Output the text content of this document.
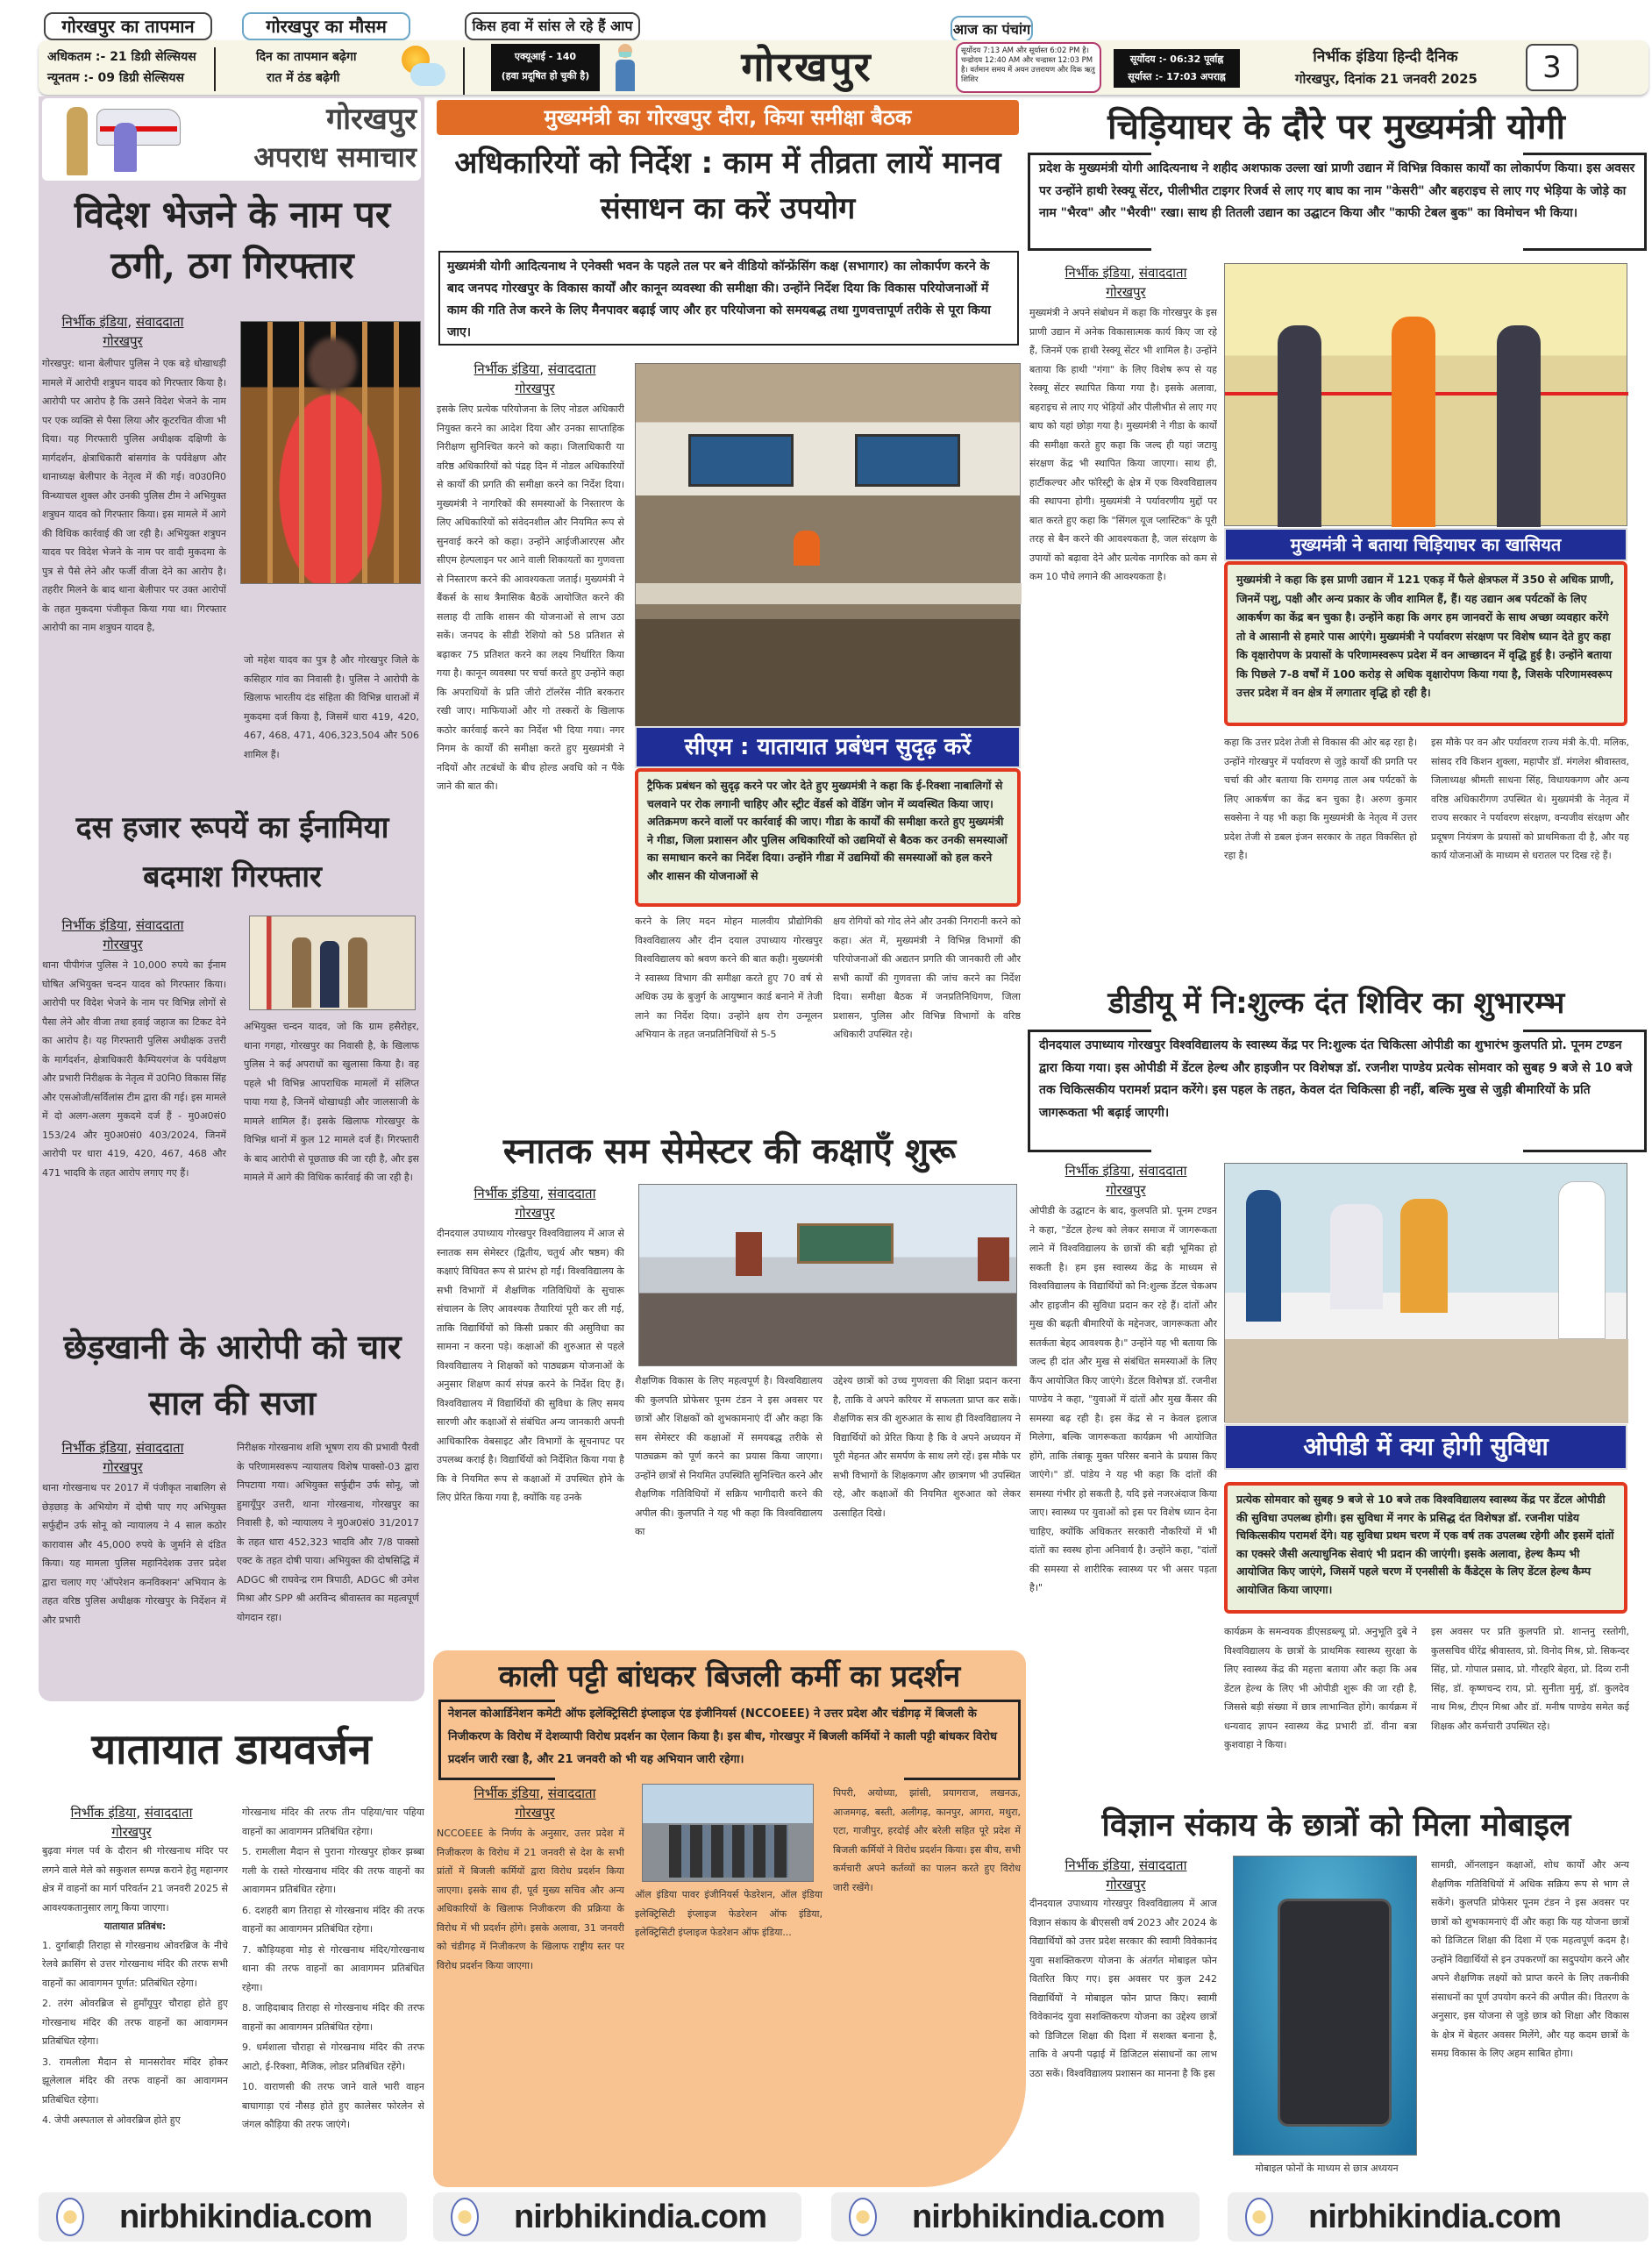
गोरखपुर का तापमान	गोरखपुर का मौसम	किस हवा में सांस ले रहे हैं आप	आज का पंचांग
अधिकतम :- 21 डिग्री सेल्सियस
न्यूनतम :- 09 डिग्री सेल्सियस
दिन का तापमान बढ़ेगा
रात में ठंड बढ़ेगी
एक्यूआई - 140
(हवा प्रदूषित हो चुकी है)	गोरखपुर	सूर्योदय 7:13 AM और सूर्यास्त 6:02 PM है। चन्द्रोदय 12:40 AM और चन्द्रास्त 12:03 PM है। वर्तमान समय में अयन उत्तरायण और दिक ऋतु शिशिर
सूर्योदय :- 06:32 पूर्वाह्न
सूर्यास्त :- 17:03 अपराह्न
निर्भीक इंडिया हिन्दी दैनिक
गोरखपुर, दिनांक 21 जनवरी 2025	3
गोरखपुर
अपराध समाचार
विदेश भेजने के नाम पर ठगी, ठग गिरफ्तार
निर्भीक इंडिया, संवाददाता
गोरखपुर
गोरखपुर: थाना बेलीपार पुलिस ने एक बड़े धोखाधड़ी मामले में आरोपी शत्रुघन यादव को गिरफ्तार किया है। आरोपी पर आरोप है कि उसने विदेश भेजने के नाम पर एक व्यक्ति से पैसा लिया और कूटरचित वीजा भी दिया। यह गिरफ्तारी पुलिस अधीक्षक दक्षिणी के मार्गदर्शन, क्षेत्राधिकारी बांसगांव के पर्यवेक्षण और थानाध्यक्ष बेलीपार के नेतृत्व में की गई। व0उ0नि0 विन्ध्याचल शुक्ल और उनकी पुलिस टीम ने अभियुक्त शत्रुघन यादव को गिरफ्तार किया। इस मामले में आगे की विधिक कार्रवाई की जा रही है। अभियुक्त शत्रुघन यादव पर विदेश भेजने के नाम पर वादी मुकदमा के पुत्र से पैसे लेने और फर्जी वीजा देने का आरोप है। तहरीर मिलने के बाद थाना बेलीपार पर उक्त आरोपों के तहत मुकदमा पंजीकृत किया गया था। गिरफ्तार आरोपी का नाम शत्रुघन यादव है,
जो महेश यादव का पुत्र है और गोरखपुर जिले के कसिहार गांव का निवासी है। पुलिस ने आरोपी के खिलाफ भारतीय दंड संहिता की विभिन्न धाराओं में मुकदमा दर्ज किया है, जिसमें धारा 419, 420, 467, 468, 471, 406,323,504 और 506 शामिल हैं।
दस हजार रूपयें का ईनामिया बदमाश गिरफ्तार
निर्भीक इंडिया, संवाददाता
गोरखपुर
थाना पीपीगंज पुलिस ने 10,000 रुपये का ईनाम घोषित अभियुक्त चन्दन यादव को गिरफ्तार किया। आरोपी पर विदेश भेजने के नाम पर विभिन्न लोगों से पैसा लेने और वीजा तथा हवाई जहाज का टिकट देने का आरोप है। यह गिरफ्तारी पुलिस अधीक्षक उत्तरी के मार्गदर्शन, क्षेत्राधिकारी कैम्पियरगंज के पर्यवेक्षण और प्रभारी निरीक्षक के नेतृत्व में उ0नि0 विकास सिंह और एसओजी/सर्विलांस टीम द्वारा की गई। इस मामले में दो अलग-अलग मुकदमे दर्ज हैं - मु0अ0सं0 153/24 और मु0अ0सं0 403/2024, जिनमें आरोपी पर धारा 419, 420, 467, 468 और 471 भादवि के तहत आरोप लगाए गए हैं।
अभियुक्त चन्दन यादव, जो कि ग्राम हसैरोहर, थाना गगहा, गोरखपुर का निवासी है, के खिलाफ पुलिस ने कई अपराधों का खुलासा किया है। वह पहले भी विभिन्न आपराधिक मामलों में संलिप्त पाया गया है, जिनमें धोखाधड़ी और जालसाजी के मामले शामिल हैं। इसके खिलाफ गोरखपुर के विभिन्न थानों में कुल 12 मामले दर्ज हैं। गिरफ्तारी के बाद आरोपी से पूछताछ की जा रही है, और इस मामले में आगे की विधिक कार्रवाई की जा रही है।
छेड़खानी के आरोपी को चार साल की सजा
निर्भीक इंडिया, संवाददाता
गोरखपुर
थाना गोरखनाथ पर 2017 में पंजीकृत नाबालिग से छेड़छाड़ के अभियोग में दोषी पाए गए अभियुक्त सर्फुद्दीन उर्फ सोनू को न्यायालय ने 4 साल कठोर कारावास और 45,000 रुपये के जुर्माने से दंडित किया। यह मामला पुलिस महानिदेशक उत्तर प्रदेश द्वारा चलाए गए 'ऑपरेशन कनविक्शन' अभियान के तहत वरिष्ठ पुलिस अधीक्षक गोरखपुर के निर्देशन में और प्रभारी
निरीक्षक गोरखनाथ शशि भूषण राय की प्रभावी पैरवी के परिणामस्वरूप न्यायालय विशेष पाक्सो-03 द्वारा निपटाया गया। अभियुक्त सर्फुद्दीन उर्फ सोनू, जो हुमायूँपुर उत्तरी, थाना गोरखनाथ, गोरखपुर का निवासी है, को न्यायालय ने मु0अ0सं0 31/2017 के तहत धारा 452,323 भादवि और 7/8 पाक्सो एक्ट के तहत दोषी पाया। अभियुक्त की दोषसिद्धि में ADGC श्री राघवेन्द्र राम त्रिपाठी, ADGC श्री उमेश मिश्रा और SPP श्री अरविन्द श्रीवास्तव का महत्वपूर्ण योगदान रहा।
यातायात डायवर्जन
निर्भीक इंडिया, संवाददाता
गोरखपुर
बुढ़वा मंगल पर्व के दौरान श्री गोरखनाथ मंदिर पर लगने वाले मेले को सकुशल सम्पन्न कराने हेतु महानगर क्षेत्र में वाहनों का मार्ग परिवर्तन 21 जनवरी 2025 से आवश्यकतानुसार लागू किया जाएगा।
यातायात प्रतिबंध:
1. दुर्गाबाड़ी तिराहा से गोरखनाथ ओवरब्रिज के नीचे रेलवे क्रासिंग से उत्तर गोरखनाथ मंदिर की तरफ सभी वाहनों का आवागमन पूर्णत: प्रतिबंधित रहेगा।
2. तरंग ओवरब्रिज से हुमाँयूपुर चौराहा होते हुए गोरखनाथ मंदिर की तरफ वाहनों का आवागमन प्रतिबंधित रहेगा।
3. रामलीला मैदान से मानसरोवर मंदिर होकर झूलेलाल मंदिर की तरफ वाहनों का आवागमन प्रतिबंधित रहेगा।
4. जेपी अस्पताल से ओवरब्रिज होते हुए
गोरखनाथ मंदिर की तरफ तीन पहिया/चार पहिया वाहनों का आवागमन प्रतिबंधित रहेगा।
5. रामलीला मैदान से पुराना गोरखपुर होकर झब्बा गली के रास्ते गोरखनाथ मंदिर की तरफ वाहनों का आवागमन प्रतिबंधित रहेगा।
6. दशहरी बाग तिराहा से गोरखनाथ मंदिर की तरफ वाहनों का आवागमन प्रतिबंधित रहेगा।
7. कौड़ियहवा मोड़ से गोरखनाथ मंदिर/गोरखनाथ थाना की तरफ वाहनों का आवागमन प्रतिबंधित रहेगा।
8. जाहिदाबाद तिराहा से गोरखनाथ मंदिर की तरफ वाहनों का आवागमन प्रतिबंधित रहेगा।
9. धर्मशाला चौराहा से गोरखनाथ मंदिर की तरफ आटो, ई-रिक्शा, मैजिक, लोडर प्रतिबंधित रहेंगे।
10. वाराणसी की तरफ जाने वाले भारी वाहन बाघागाड़ा एवं नौसड़ होते हुए कालेसर फोरलेन से जंगल कौड़िया की तरफ जाएंगे।
मुख्यमंत्री का गोरखपुर दौरा, किया समीक्षा बैठक
अधिकारियों को निर्देश : काम में तीव्रता लायें मानव संसाधन का करें उपयोग
मुख्यमंत्री योगी आदित्यनाथ ने एनेक्सी भवन के पहले तल पर बने वीडियो कॉन्फ्रेंसिंग कक्ष (सभागार) का लोकार्पण करने के बाद जनपद गोरखपुर के विकास कार्यों और कानून व्यवस्था की समीक्षा की। उन्होंने निर्देश दिया कि विकास परियोजनाओं में काम की गति तेज करने के लिए मैनपावर बढ़ाई जाए और हर परियोजना को समयबद्ध तथा गुणवत्तापूर्ण तरीके से पूरा किया जाए।
निर्भीक इंडिया, संवाददाता
गोरखपुर
इसके लिए प्रत्येक परियोजना के लिए नोडल अधिकारी नियुक्त करने का आदेश दिया और उनका साप्ताहिक निरीक्षण सुनिश्चित करने को कहा। जिलाधिकारी या वरिष्ठ अधिकारियों को पंद्रह दिन में नोडल अधिकारियों से कार्यों की प्रगति की समीक्षा करने का निर्देश दिया। मुख्यमंत्री ने नागरिकों की समस्याओं के निस्तारण के लिए अधिकारियों को संवेदनशील और नियमित रूप से सुनवाई करने को कहा। उन्होंने आईजीआरएस और सीएम हेल्पलाइन पर आने वाली शिकायतों का गुणवत्ता से निस्तारण करने की आवश्यकता जताई। मुख्यमंत्री ने बैंकर्स के साथ त्रैमासिक बैठकें आयोजित करने की सलाह दी ताकि शासन की योजनाओं से लाभ उठा सकें। जनपद के सीडी रेशियो को 58 प्रतिशत से बढ़ाकर 75 प्रतिशत करने का लक्ष्य निर्धारित किया गया है। कानून व्यवस्था पर चर्चा करते हुए उन्होंने कहा कि अपराधियों के प्रति जीरो टॉलरेंस नीति बरकरार रखी जाए। माफियाओं और गो तस्करों के खिलाफ कठोर कार्रवाई करने का निर्देश भी दिया गया। नगर निगम के कार्यों की समीक्षा करते हुए मुख्यमंत्री ने नदियों और तटबंधों के बीच होल्ड अवधि को न पैंके जाने की बात की।
सीएम : यातायात प्रबंधन सुदृढ़ करें
ट्रैफिक प्रबंधन को सुदृढ़ करने पर जोर देते हुए मुख्यमंत्री ने कहा कि ई-रिक्शा नाबालिगों से चलवाने पर रोक लगानी चाहिए और स्ट्रीट वेंडर्स को वेंडिंग जोन में व्यवस्थित किया जाए। अतिक्रमण करने वालों पर कार्रवाई की जाए। गीडा के कार्यों की समीक्षा करते हुए मुख्यमंत्री ने गीडा, जिला प्रशासन और पुलिस अधिकारियों को उद्यमियों से बैठक कर उनकी समस्याओं का समाधान करने का निर्देश दिया। उन्होंने गीडा में उद्यमियों की समस्याओं को हल करने और शासन की योजनाओं से
करने के लिए मदन मोहन मालवीय प्रौद्योगिकी विश्वविद्यालय और दीन दयाल उपाध्याय गोरखपुर विश्वविद्यालय को श्रवण करने की बात कही। मुख्यमंत्री ने स्वास्थ्य विभाग की समीक्षा करते हुए 70 वर्ष से अधिक उम्र के बुजुर्ग के आयुष्मान कार्ड बनाने में तेजी लाने का निर्देश दिया। उन्होंने क्षय रोग उन्मूलन अभियान के तहत जनप्रतिनिधियों से 5-5
क्षय रोगियों को गोद लेने और उनकी निगरानी करने को कहा। अंत में, मुख्यमंत्री ने विभिन्न विभागों की परियोजनाओं की अद्यतन प्रगति की जानकारी ली और सभी कार्यों की गुणवत्ता की जांच करने का निर्देश दिया। समीक्षा बैठक में जनप्रतिनिधिगण, जिला प्रशासन, पुलिस और विभिन्न विभागों के वरिष्ठ अधिकारी उपस्थित रहे।
स्नातक सम सेमेस्टर की कक्षाएँ शुरू
निर्भीक इंडिया, संवाददाता
गोरखपुर
दीनदयाल उपाध्याय गोरखपुर विश्वविद्यालय में आज से स्नातक सम सेमेस्टर (द्वितीय, चतुर्थ और षष्ठम) की कक्षाएं विधिवत रूप से प्रारंभ हो गईं। विश्वविद्यालय के सभी विभागों में शैक्षणिक गतिविधियों के सुचारू संचालन के लिए आवश्यक तैयारियां पूरी कर ली गई, ताकि विद्यार्थियों को किसी प्रकार की असुविधा का सामना न करना पड़े। कक्षाओं की शुरुआत से पहले विश्वविद्यालय ने शिक्षकों को पाठ्यक्रम योजनाओं के अनुसार शिक्षण कार्य संपन्न करने के निर्देश दिए हैं। विश्वविद्यालय में विद्यार्थियों की सुविधा के लिए समय सारणी और कक्षाओं से संबंधित अन्य जानकारी अपनी आधिकारिक वेबसाइट और विभागों के सूचनापट पर उपलब्ध कराई है। विद्यार्थियों को निर्देशित किया गया है कि वे नियमित रूप से कक्षाओं में उपस्थित होने के लिए प्रेरित किया गया है, क्योंकि यह उनके
शैक्षणिक विकास के लिए महत्वपूर्ण है। विश्वविद्यालय की कुलपति प्रोफेसर पूनम टंडन ने इस अवसर पर छात्रों और शिक्षकों को शुभकामनाएं दीं और कहा कि सम सेमेस्टर की कक्षाओं में समयबद्ध तरीके से पाठ्यक्रम को पूर्ण करने का प्रयास किया जाएगा। उन्होंने छात्रों से नियमित उपस्थिति सुनिश्चित करने और शैक्षणिक गतिविधियों में सक्रिय भागीदारी करने की अपील की। कुलपति ने यह भी कहा कि विश्वविद्यालय का
उद्देश्य छात्रों को उच्च गुणवत्ता की शिक्षा प्रदान करना है, ताकि वे अपने करियर में सफलता प्राप्त कर सकें। शैक्षणिक सत्र की शुरुआत के साथ ही विश्वविद्यालय ने विद्यार्थियों को प्रेरित किया है कि वे अपने अध्ययन में पूरी मेहनत और समर्पण के साथ लगे रहें। इस मौके पर सभी विभागों के शिक्षकगण और छात्रगण भी उपस्थित रहे, और कक्षाओं की नियमित शुरुआत को लेकर उत्साहित दिखे।
काली पट्टी बांधकर बिजली कर्मी का प्रदर्शन
नेशनल कोआर्डिनेशन कमेटी ऑफ इलेक्ट्रिसिटी इंप्लाइज एंड इंजीनियर्स (NCCOEEE) ने उत्तर प्रदेश और चंडीगढ़ में बिजली के निजीकरण के विरोध में देशव्यापी विरोध प्रदर्शन का ऐलान किया है। इस बीच, गोरखपुर में बिजली कर्मियों ने काली पट्टी बांधकर विरोध प्रदर्शन जारी रखा है, और 21 जनवरी को भी यह अभियान जारी रहेगा।
निर्भीक इंडिया, संवाददाता
गोरखपुर
NCCOEEE के निर्णय के अनुसार, उत्तर प्रदेश में निजीकरण के विरोध में 21 जनवरी से देश के सभी प्रांतों में बिजली कर्मियों द्वारा विरोध प्रदर्शन किया जाएगा। इसके साथ ही, पूर्व मुख्य सचिव और अन्य अधिकारियों के खिलाफ निजीकरण की प्रक्रिया के विरोध में भी प्रदर्शन होंगे। इसके अलावा, 31 जनवरी को चंडीगढ़ में निजीकरण के खिलाफ राष्ट्रीय स्तर पर विरोध प्रदर्शन किया जाएगा।
ऑल इंडिया पावर इंजीनियर्स फेडरेशन, ऑल इंडिया इलेक्ट्रिसिटी इंप्लाइज फेडरेशन ऑफ इंडिया, इलेक्ट्रिसिटी इंप्लाइज फेडरेशन ऑफ इंडिया...
पिपरी, अयोध्या, झांसी, प्रयागराज, लखनऊ, आजमगढ़, बस्ती, अलीगढ़, कानपुर, आगरा, मथुरा, एटा, गाजीपुर, हरदोई और बरेली सहित पूरे प्रदेश में बिजली कर्मियों ने विरोध प्रदर्शन किया। इस बीच, सभी कर्मचारी अपने कर्तव्यों का पालन करते हुए विरोध जारी रखेंगे।
चिड़ियाघर के दौरे पर मुख्यमंत्री योगी
प्रदेश के मुख्यमंत्री योगी आदित्यनाथ ने शहीद अशफाक उल्ला खां प्राणी उद्यान में विभिन्न विकास कार्यों का लोकार्पण किया। इस अवसर पर उन्होंने हाथी रेस्क्यू सेंटर, पीलीभीत टाइगर रिजर्व से लाए गए बाघ का नाम "केसरी" और बहराइच से लाए गए भेड़िया के जोड़े का नाम "भैरव" और "भैरवी" रखा। साथ ही तितली उद्यान का उद्घाटन किया और "काफी टेबल बुक" का विमोचन भी किया।
निर्भीक इंडिया, संवाददाता
गोरखपुर
मुख्यमंत्री ने अपने संबोधन में कहा कि गोरखपुर के इस प्राणी उद्यान में अनेक विकासात्मक कार्य किए जा रहे हैं, जिनमें एक हाथी रेस्क्यू सेंटर भी शामिल है। उन्होंने बताया कि हाथी "गंगा" के लिए विशेष रूप से यह रेस्क्यू सेंटर स्थापित किया गया है। इसके अलावा, बहराइच से लाए गए भेड़ियों और पीलीभीत से लाए गए बाघ को यहां छोड़ा गया है। मुख्यमंत्री ने गीडा के कार्यों की समीक्षा करते हुए कहा कि जल्द ही यहां जटायु संरक्षण केंद्र भी स्थापित किया जाएगा। साथ ही, हार्टीकल्चर और फॉरेस्ट्री के क्षेत्र में एक विश्वविद्यालय की स्थापना होगी। मुख्यमंत्री ने पर्यावरणीय मुद्दों पर बात करते हुए कहा कि "सिंगल यूज प्लास्टिक" के पूरी तरह से बैन करने की आवश्यकता है, जल संरक्षण के उपायों को बढ़ावा देने और प्रत्येक नागरिक को कम से कम 10 पौधे लगाने की आवश्यकता है।
मुख्यमंत्री ने बताया चिड़ियाघर का खासियत
मुख्यमंत्री ने कहा कि इस प्राणी उद्यान में 121 एकड़ में फैले क्षेत्रफल में 350 से अधिक प्राणी, जिनमें पशु, पक्षी और अन्य प्रकार के जीव शामिल हैं, हैं। यह उद्यान अब पर्यटकों के लिए आकर्षण का केंद्र बन चुका है। उन्होंने कहा कि अगर हम जानवरों के साथ अच्छा व्यवहार करेंगे तो वे आसानी से हमारे पास आएंगे। मुख्यमंत्री ने पर्यावरण संरक्षण पर विशेष ध्यान देते हुए कहा कि वृक्षारोपण के प्रयासों के परिणामस्वरूप प्रदेश में वन आच्छादन में वृद्धि हुई है। उन्होंने बताया कि पिछले 7-8 वर्षों में 100 करोड़ से अधिक वृक्षारोपण किया गया है, जिसके परिणामस्वरूप उत्तर प्रदेश में वन क्षेत्र में लगातार वृद्धि हो रही है।
कहा कि उत्तर प्रदेश तेजी से विकास की ओर बढ़ रहा है। उन्होंने गोरखपुर में पर्यावरण से जुड़े कार्यों की प्रगति पर चर्चा की और बताया कि रामगढ़ ताल अब पर्यटकों के लिए आकर्षण का केंद्र बन चुका है। अरुण कुमार सक्सेना ने यह भी कहा कि मुख्यमंत्री के नेतृत्व में उत्तर प्रदेश तेजी से डबल इंजन सरकार के तहत विकसित हो रहा है।
इस मौके पर वन और पर्यावरण राज्य मंत्री के.पी. मलिक, सांसद रवि किशन शुक्ला, महापौर डॉ. मंगलेश श्रीवास्तव, जिलाध्यक्ष श्रीमती साधना सिंह, विधायकगण और अन्य वरिष्ठ अधिकारीगण उपस्थित थे। मुख्यमंत्री के नेतृत्व में राज्य सरकार ने पर्यावरण संरक्षण, वन्यजीव संरक्षण और प्रदूषण नियंत्रण के प्रयासों को प्राथमिकता दी है, और यह कार्य योजनाओं के माध्यम से धरातल पर दिख रहे हैं।
डीडीयू में नि:शुल्क दंत शिविर का शुभारम्भ
दीनदयाल उपाध्याय गोरखपुर विश्वविद्यालय के स्वास्थ्य केंद्र पर नि:शुल्क दंत चिकित्सा ओपीडी का शुभारंभ कुलपति प्रो. पूनम टण्डन द्वारा किया गया। इस ओपीडी में डेंटल हेल्थ और हाइजीन पर विशेषज्ञ डॉ. रजनीश पाण्डेय प्रत्येक सोमवार को सुबह 9 बजे से 10 बजे तक चिकित्सकीय परामर्श प्रदान करेंगे। इस पहल के तहत, केवल दंत चिकित्सा ही नहीं, बल्कि मुख से जुड़ी बीमारियों के प्रति जागरूकता भी बढ़ाई जाएगी।
निर्भीक इंडिया, संवाददाता
गोरखपुर
ओपीडी के उद्घाटन के बाद, कुलपति प्रो. पूनम टण्डन ने कहा, "डेंटल हेल्थ को लेकर समाज में जागरूकता लाने में विश्वविद्यालय के छात्रों की बड़ी भूमिका हो सकती है। हम इस स्वास्थ्य केंद्र के माध्यम से विश्वविद्यालय के विद्यार्थियों को नि:शुल्क डेंटल चेकअप और हाइजीन की सुविधा प्रदान कर रहे हैं। दांतों और मुख की बढ़ती बीमारियों के मद्देनजर, जागरूकता और सतर्कता बेहद आवश्यक है।" उन्होंने यह भी बताया कि जल्द ही दांत और मुख से संबंधित समस्याओं के लिए कैंप आयोजित किए जाएंगे। डेंटल विशेषज्ञ डॉ. रजनीश पाण्डेय ने कहा, "युवाओं में दांतों और मुख कैंसर की समस्या बढ़ रही है। इस केंद्र से न केवल इलाज मिलेगा, बल्कि जागरूकता कार्यक्रम भी आयोजित होंगे, ताकि तंबाकू मुक्त परिसर बनाने के प्रयास किए जाएंगे।" डॉ. पांडेय ने यह भी कहा कि दांतों की समस्या गंभीर हो सकती है, यदि इसे नजरअंदाज किया जाए। स्वास्थ्य पर युवाओं को इस पर विशेष ध्यान देना चाहिए, क्योंकि अधिकतर सरकारी नौकरियों में भी दांतों का स्वस्थ होना अनिवार्य है। उन्होंने कहा, "दांतों की समस्या से शारीरिक स्वास्थ्य पर भी असर पड़ता है।"
ओपीडी में क्या होगी सुविधा
प्रत्येक सोमवार को सुबह 9 बजे से 10 बजे तक विश्वविद्यालय स्वास्थ्य केंद्र पर डेंटल ओपीडी की सुविधा उपलब्ध होगी। इस सुविधा में नगर के प्रसिद्ध दंत विशेषज्ञ डॉ. रजनीश पांडेय चिकित्सकीय परामर्श देंगे। यह सुविधा प्रथम चरण में एक वर्ष तक उपलब्ध रहेगी और इसमें दांतों का एक्सरे जैसी अत्याधुनिक सेवाएं भी प्रदान की जाएंगी। इसके अलावा, हेल्थ कैम्प भी आयोजित किए जाएंगे, जिसमें पहले चरण में एनसीसी के कैंडेट्स के लिए डेंटल हेल्थ कैम्प आयोजित किया जाएगा।
कार्यक्रम के समन्वयक डीएसडब्ल्यू प्रो. अनुभूति दुबे ने विश्वविद्यालय के छात्रों के प्राथमिक स्वास्थ्य सुरक्षा के लिए स्वास्थ्य केंद्र की महत्ता बताया और कहा कि अब डेंटल हेल्थ के लिए भी ओपीडी शुरू की जा रही है, जिससे बड़ी संख्या में छात्र लाभान्वित होंगे। कार्यक्रम में धन्यवाद ज्ञापन स्वास्थ्य केंद्र प्रभारी डॉ. वीना बत्रा कुशवाहा ने किया।
इस अवसर पर प्रति कुलपति प्रो. शान्तनु रस्तोगी, कुलसचिव धीरेंद्र श्रीवास्तव, प्रो. विनोद मिश्र, प्रो. सिकन्दर सिंह, प्रो. गोपाल प्रसाद, प्रो. गौरहरि बेहरा, प्रो. दिव्य रानी सिंह, डॉ. कृष्णचन्द राय, प्रो. सुनीता मुर्मू, डॉ. कुलदेव नाथ मिश्र, टीएन मिश्रा और डॉ. मनीष पाण्डेय समेत कई शिक्षक और कर्मचारी उपस्थित रहे।
विज्ञान संकाय के छात्रों को मिला मोबाइल
निर्भीक इंडिया, संवाददाता
गोरखपुर
दीनदयाल उपाध्याय गोरखपुर विश्वविद्यालय में आज विज्ञान संकाय के बीएससी वर्ष 2023 और 2024 के विद्यार्थियों को उत्तर प्रदेश सरकार की स्वामी विवेकानंद युवा सशक्तिकरण योजना के अंतर्गत मोबाइल फोन वितरित किए गए। इस अवसर पर कुल 242 विद्यार्थियों ने मोबाइल फोन प्राप्त किए। स्वामी विवेकानंद युवा सशक्तिकरण योजना का उद्देश्य छात्रों को डिजिटल शिक्षा की दिशा में सशक्त बनाना है, ताकि वे अपनी पढ़ाई में डिजिटल संसाधनों का लाभ उठा सकें। विश्वविद्यालय प्रशासन का मानना है कि इस
मोबाइल फोनों के माध्यम से छात्र अध्ययन
सामग्री, ऑनलाइन कक्षाओं, शोध कार्यों और अन्य शैक्षणिक गतिविधियों में अधिक सक्रिय रूप से भाग ले सकेंगे। कुलपति प्रोफेसर पूनम टंडन ने इस अवसर पर छात्रों को शुभकामनाएं दीं और कहा कि यह योजना छात्रों को डिजिटल शिक्षा की दिशा में एक महत्वपूर्ण कदम है। उन्होंने विद्यार्थियों से इन उपकरणों का सदुपयोग करने और अपने शैक्षणिक लक्ष्यों को प्राप्त करने के लिए तकनीकी संसाधनों का पूर्ण उपयोग करने की अपील की। वितरण के अनुसार, इस योजना से जुड़े छात्र को शिक्षा और विकास के क्षेत्र में बेहतर अवसर मिलेंगे, और यह कदम छात्रों के समग्र विकास के लिए अहम साबित होगा।
nirbhikindia.com	nirbhikindia.com	nirbhikindia.com	nirbhikindia.com
